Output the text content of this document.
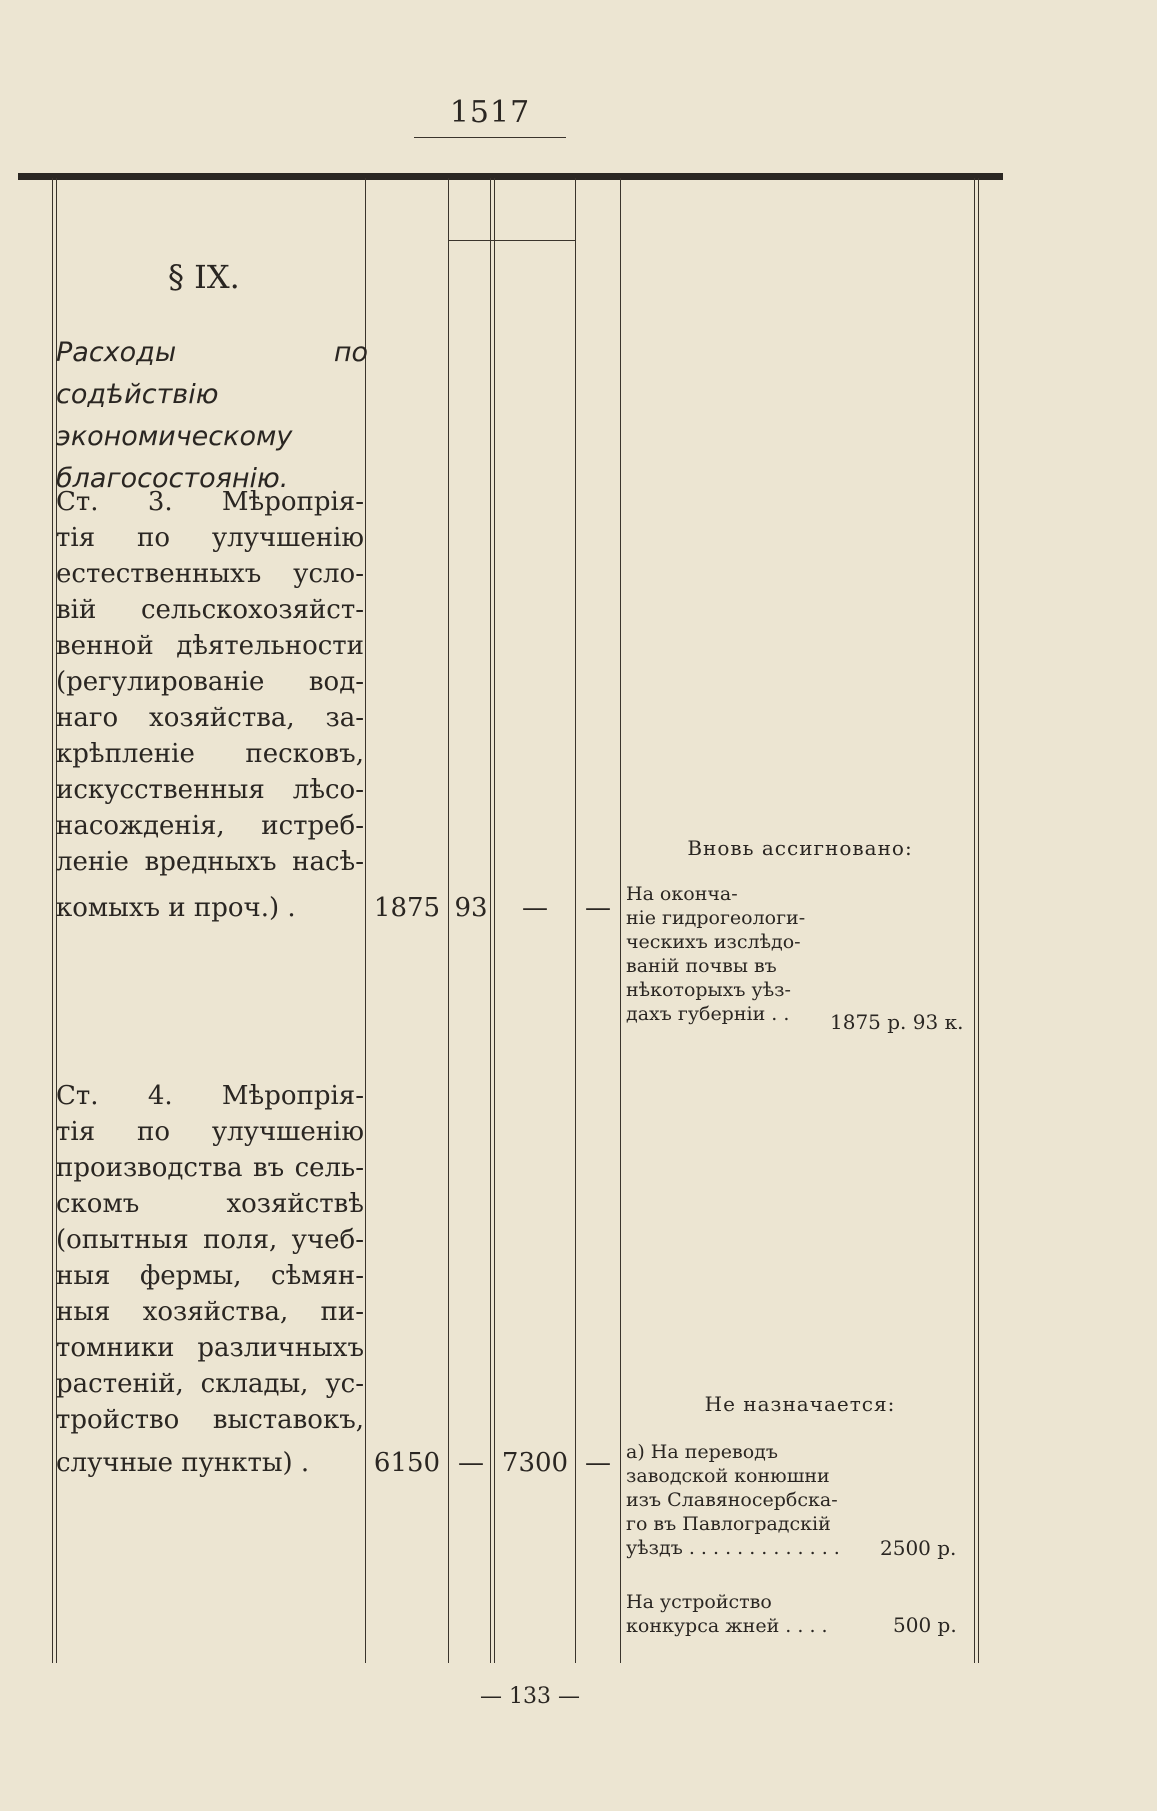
1517
§ IX.
Расходы по содѣйствію экономическому благосостоянію.
Ст. 3. Мѣропрія-
тія по улучшенію
естественныхъ усло-
вій сельскохозяйст-
венной дѣятельности
(регулированіе вод-
наго хозяйства, за-
крѣпленіе песковъ,
искусственныя лѣсо-
насожденія, истреб-
леніе вредныхъ насѣ-
комыхъ и проч.) .	1875 93	—	—
Вновь ассигновано:
На оконча-
ніе гидрогеологи-
ческихъ изслѣдо-
ваній почвы въ
нѣкоторыхъ уѣз-
дахъ губерніи . .	1875 р. 93 к.
Ст. 4. Мѣропрія-
тія по улучшенію
производства въ сель-
скомъ хозяйствѣ
(опытныя поля, учеб-
ныя фермы, сѣмян-
ныя хозяйства, пи-
томники различныхъ
растеній, склады, ус-
тройство выставокъ,
случные пункты) .	6150 — 7300 —
Не назначается:
а) На переводъ
заводской конюшни
изъ Славяносербска-
го въ Павлоградскій
уѣздъ . . . . . . . . . . . . .	2500 р.
На устройство
конкурса жней . . . .	500 р.
— 133 —
